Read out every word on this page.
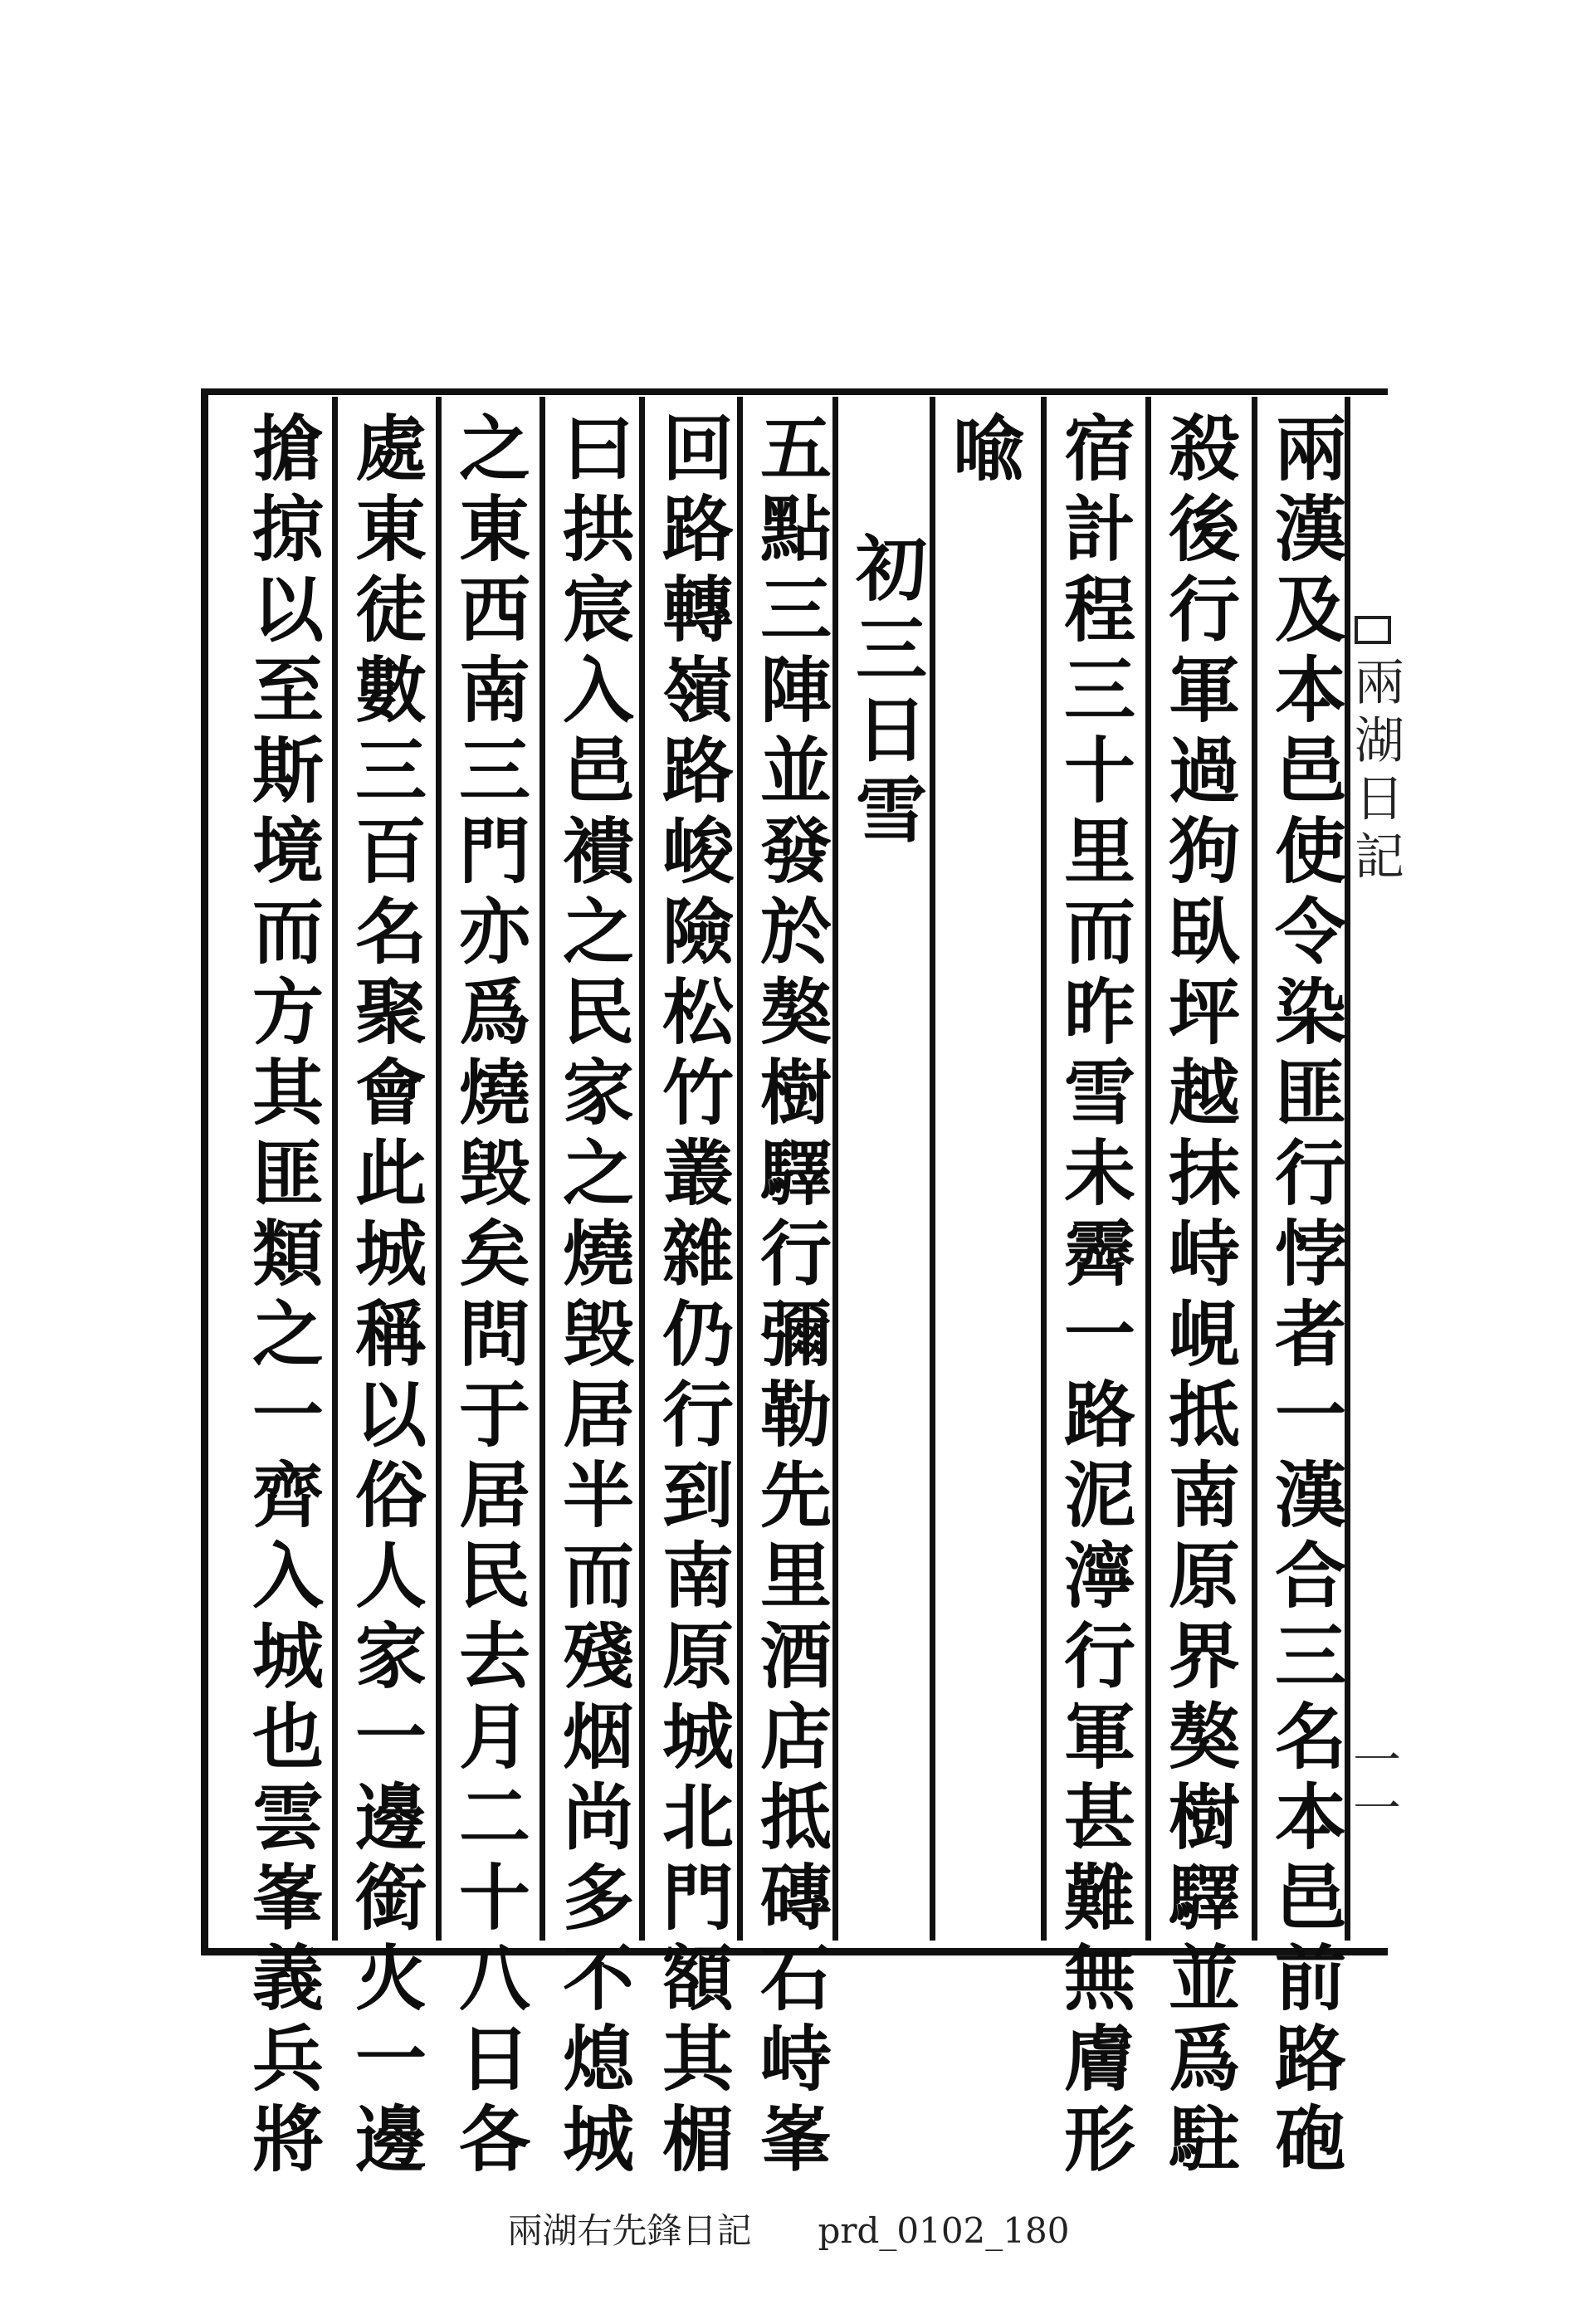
兩漢及本邑使令染匪行悖者一漢合三名本邑前路砲
殺後行軍過狗臥坪越抹峙峴抵南原界獒樹驛並爲駐
宿計程三十里而昨雪未霽一路泥濘行軍甚難無膚形
喩
初三日雪
五點三陣並發於獒樹驛行彌勒先里酒店抵磚石峙峯
回路轉嶺路峻險松竹叢雜仍行到南原城北門額其楣
曰拱宸入邑䙡之民家之燒毁居半而殘烟尚多不熄城
之東西南三門亦爲燒毁矣問于居民去月二十八日各
處東徒數三百名聚會此城稱以俗人家一邊銜火一邊
搶掠以至斯境而方其匪類之一齊入城也雲峯義兵將	兩湖日記
一一
兩湖右先鋒日記 prd_0102_180
